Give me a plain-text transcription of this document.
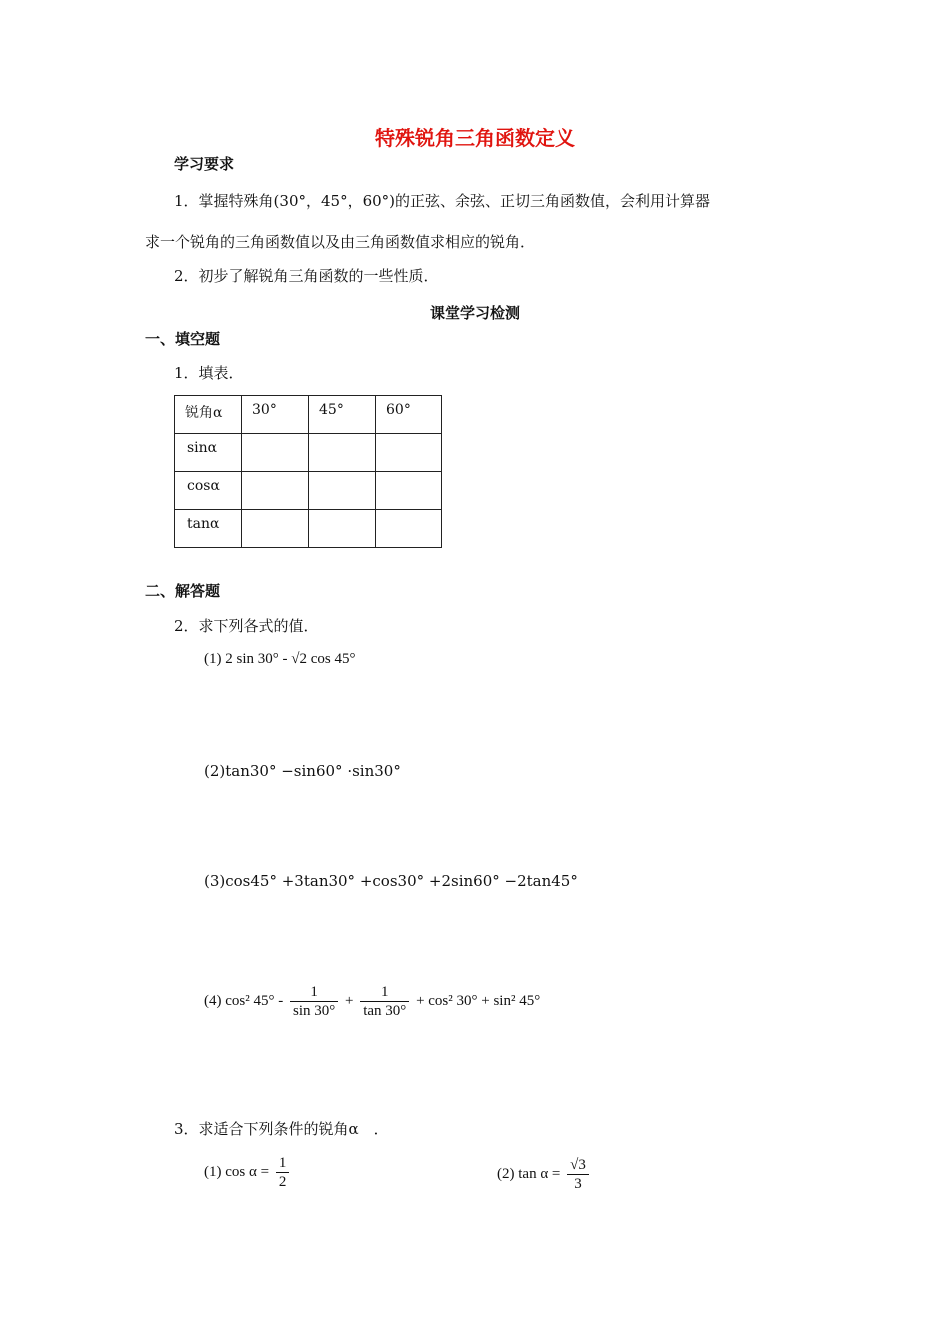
特殊锐角三角函数定义
学习要求
1．掌握特殊角(30°，45°，60°)的正弦、余弦、正切三角函数值，会利用计算器
求一个锐角的三角函数值以及由三角函数值求相应的锐角．
2．初步了解锐角三角函数的一些性质．
课堂学习检测
一、填空题
1．填表．
锐角α	30°	45°	60°
sinα			
cosα			
tanα			
二、解答题
2．求下列各式的值．
(1) 2 sin 30° - √2 cos 45°
(2)tan30° −sin60° ·sin30°
(3)cos45° +3tan30° +cos30° +2sin60° −2tan45°
(4) cos² $45^\circ - \frac{1}{\sin 30^\circ} + \frac{1}{\tan 30^\circ} + \cos^2$ 30° + sin² 45°
3．求适合下列条件的锐角α　．
(1) $\cos \alpha = \frac{1}{2}$	(2) $\tan \alpha = \frac{√3}{3}$
